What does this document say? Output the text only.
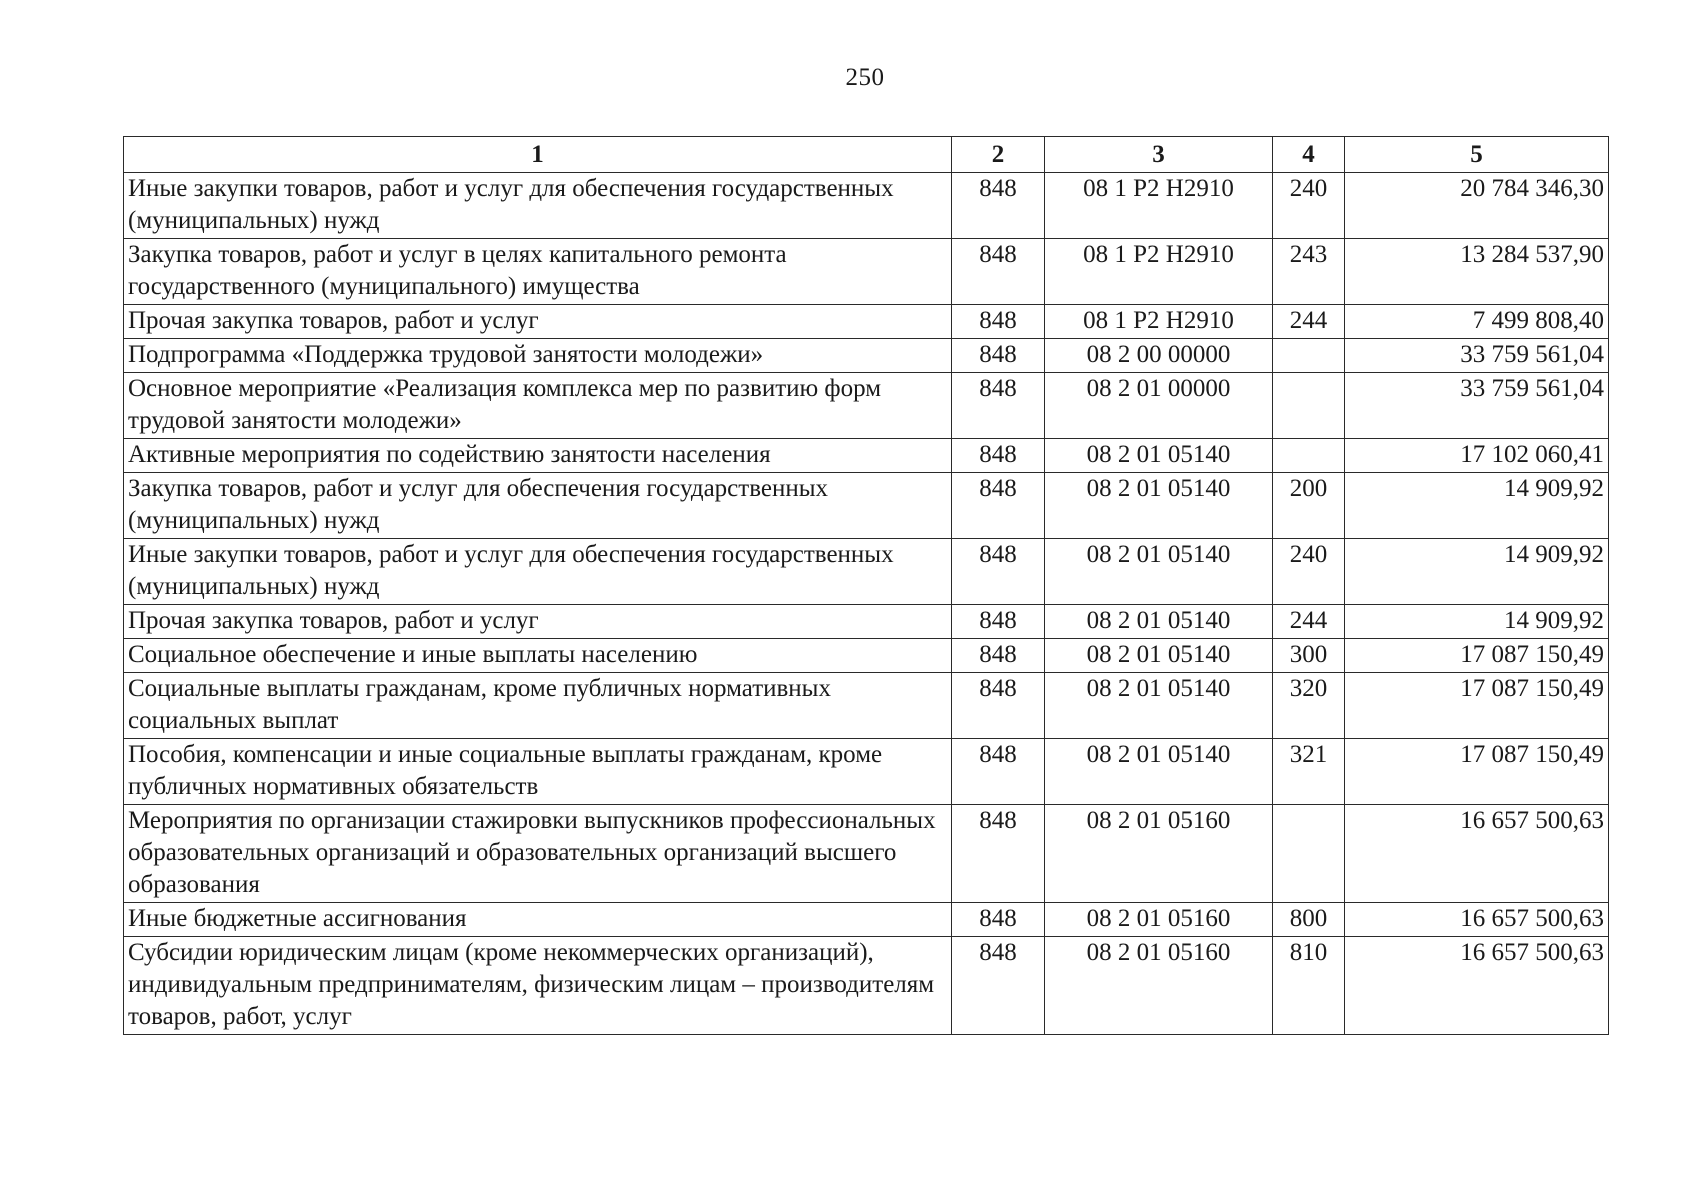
250
1	2	3	4	5
Иные закупки товаров, работ и услуг для обеспечения государственных (муниципальных) нужд	848	08 1 Р2 Н2910	240	20 784 346,30
Закупка товаров, работ и услуг в целях капитального ремонта государственного (муниципального) имущества	848	08 1 Р2 Н2910	243	13 284 537,90
Прочая закупка товаров, работ и услуг	848	08 1 Р2 Н2910	244	7 499 808,40
Подпрограмма «Поддержка трудовой занятости молодежи»	848	08 2 00 00000		33 759 561,04
Основное мероприятие «Реализация комплекса мер по развитию форм трудовой занятости молодежи»	848	08 2 01 00000		33 759 561,04
Активные мероприятия по содействию занятости населения	848	08 2 01 05140		17 102 060,41
Закупка товаров, работ и услуг для обеспечения государственных (муниципальных) нужд	848	08 2 01 05140	200	14 909,92
Иные закупки товаров, работ и услуг для обеспечения государственных (муниципальных) нужд	848	08 2 01 05140	240	14 909,92
Прочая закупка товаров, работ и услуг	848	08 2 01 05140	244	14 909,92
Социальное обеспечение и иные выплаты населению	848	08 2 01 05140	300	17 087 150,49
Социальные выплаты гражданам, кроме публичных нормативных социальных выплат	848	08 2 01 05140	320	17 087 150,49
Пособия, компенсации и иные социальные выплаты гражданам, кроме публичных нормативных обязательств	848	08 2 01 05140	321	17 087 150,49
Мероприятия по организации стажировки выпускников профессиональных образовательных организаций и образовательных организаций высшего образования	848	08 2 01 05160		16 657 500,63
Иные бюджетные ассигнования	848	08 2 01 05160	800	16 657 500,63
Субсидии юридическим лицам (кроме некоммерческих организаций), индивидуальным предпринимателям, физическим лицам – производителям товаров, работ, услуг	848	08 2 01 05160	810	16 657 500,63
